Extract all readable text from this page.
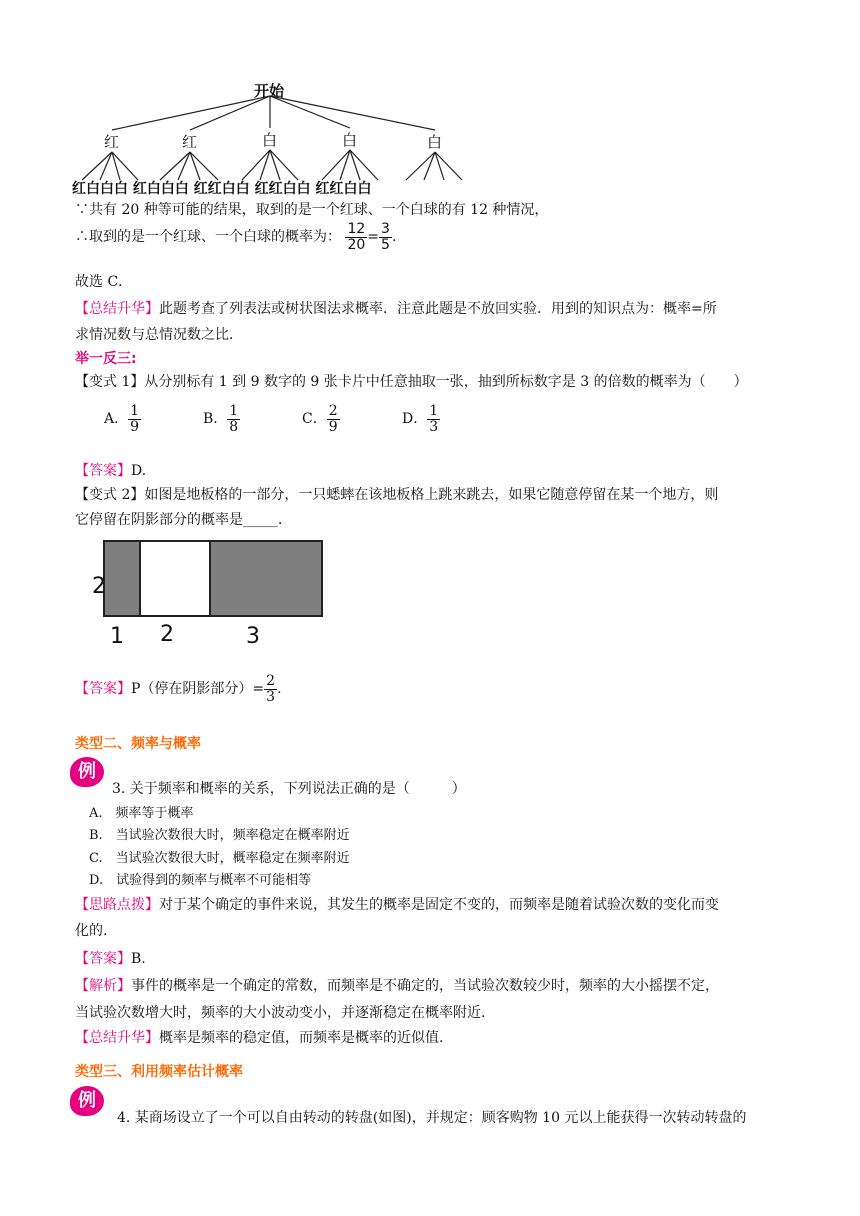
开始
红	红	白	白	白
红白白白 红白白白 红红白白 红红白白 红红白白
∵共有 20 种等可能的结果，取到的是一个红球、一个白球的有 12 种情况，
∴取到的是一个红球、一个白球的概率为： $\frac{12}{20} = \frac{3}{5}$ .
故选 C．
【总结升华】此题考查了列表法或树状图法求概率．注意此题是不放回实验．用到的知识点为：概率=所
求情况数与总情况数之比．
举一反三:
【变式 1】从分别标有 1 到 9 数字的 9 张卡片中任意抽取一张，抽到所标数字是 3 的倍数的概率为（　　）
A． $\frac{1}{9}$	B． $\frac{1}{8}$	C． $\frac{2}{9}$	D． $\frac{1}{3}$
【答案】D.
【变式 2】如图是地板格的一部分，一只蟋蟀在该地板格上跳来跳去，如果它随意停留在某一个地方，则
它停留在阴影部分的概率是_____．
2
1 2	3
【答案】P（停在阴影部分）= $\frac{2}{3}$ .
类型二、频率与概率
例
3. 关于频率和概率的关系，下列说法正确的是（　　　）
A.　频率等于概率
B.　当试验次数很大时，频率稳定在概率附近
C.　当试验次数很大时，概率稳定在频率附近
D.　试验得到的频率与概率不可能相等
【思路点拨】对于某个确定的事件来说，其发生的概率是固定不变的，而频率是随着试验次数的变化而变
化的.
【答案】B.
【解析】事件的概率是一个确定的常数，而频率是不确定的，当试验次数较少时，频率的大小摇摆不定，
当试验次数增大时，频率的大小波动变小，并逐渐稳定在概率附近.
【总结升华】概率是频率的稳定值，而频率是概率的近似值.
类型三、利用频率估计概率
例
4. 某商场设立了一个可以自由转动的转盘(如图)，并规定：顾客购物 10 元以上能获得一次转动转盘的
